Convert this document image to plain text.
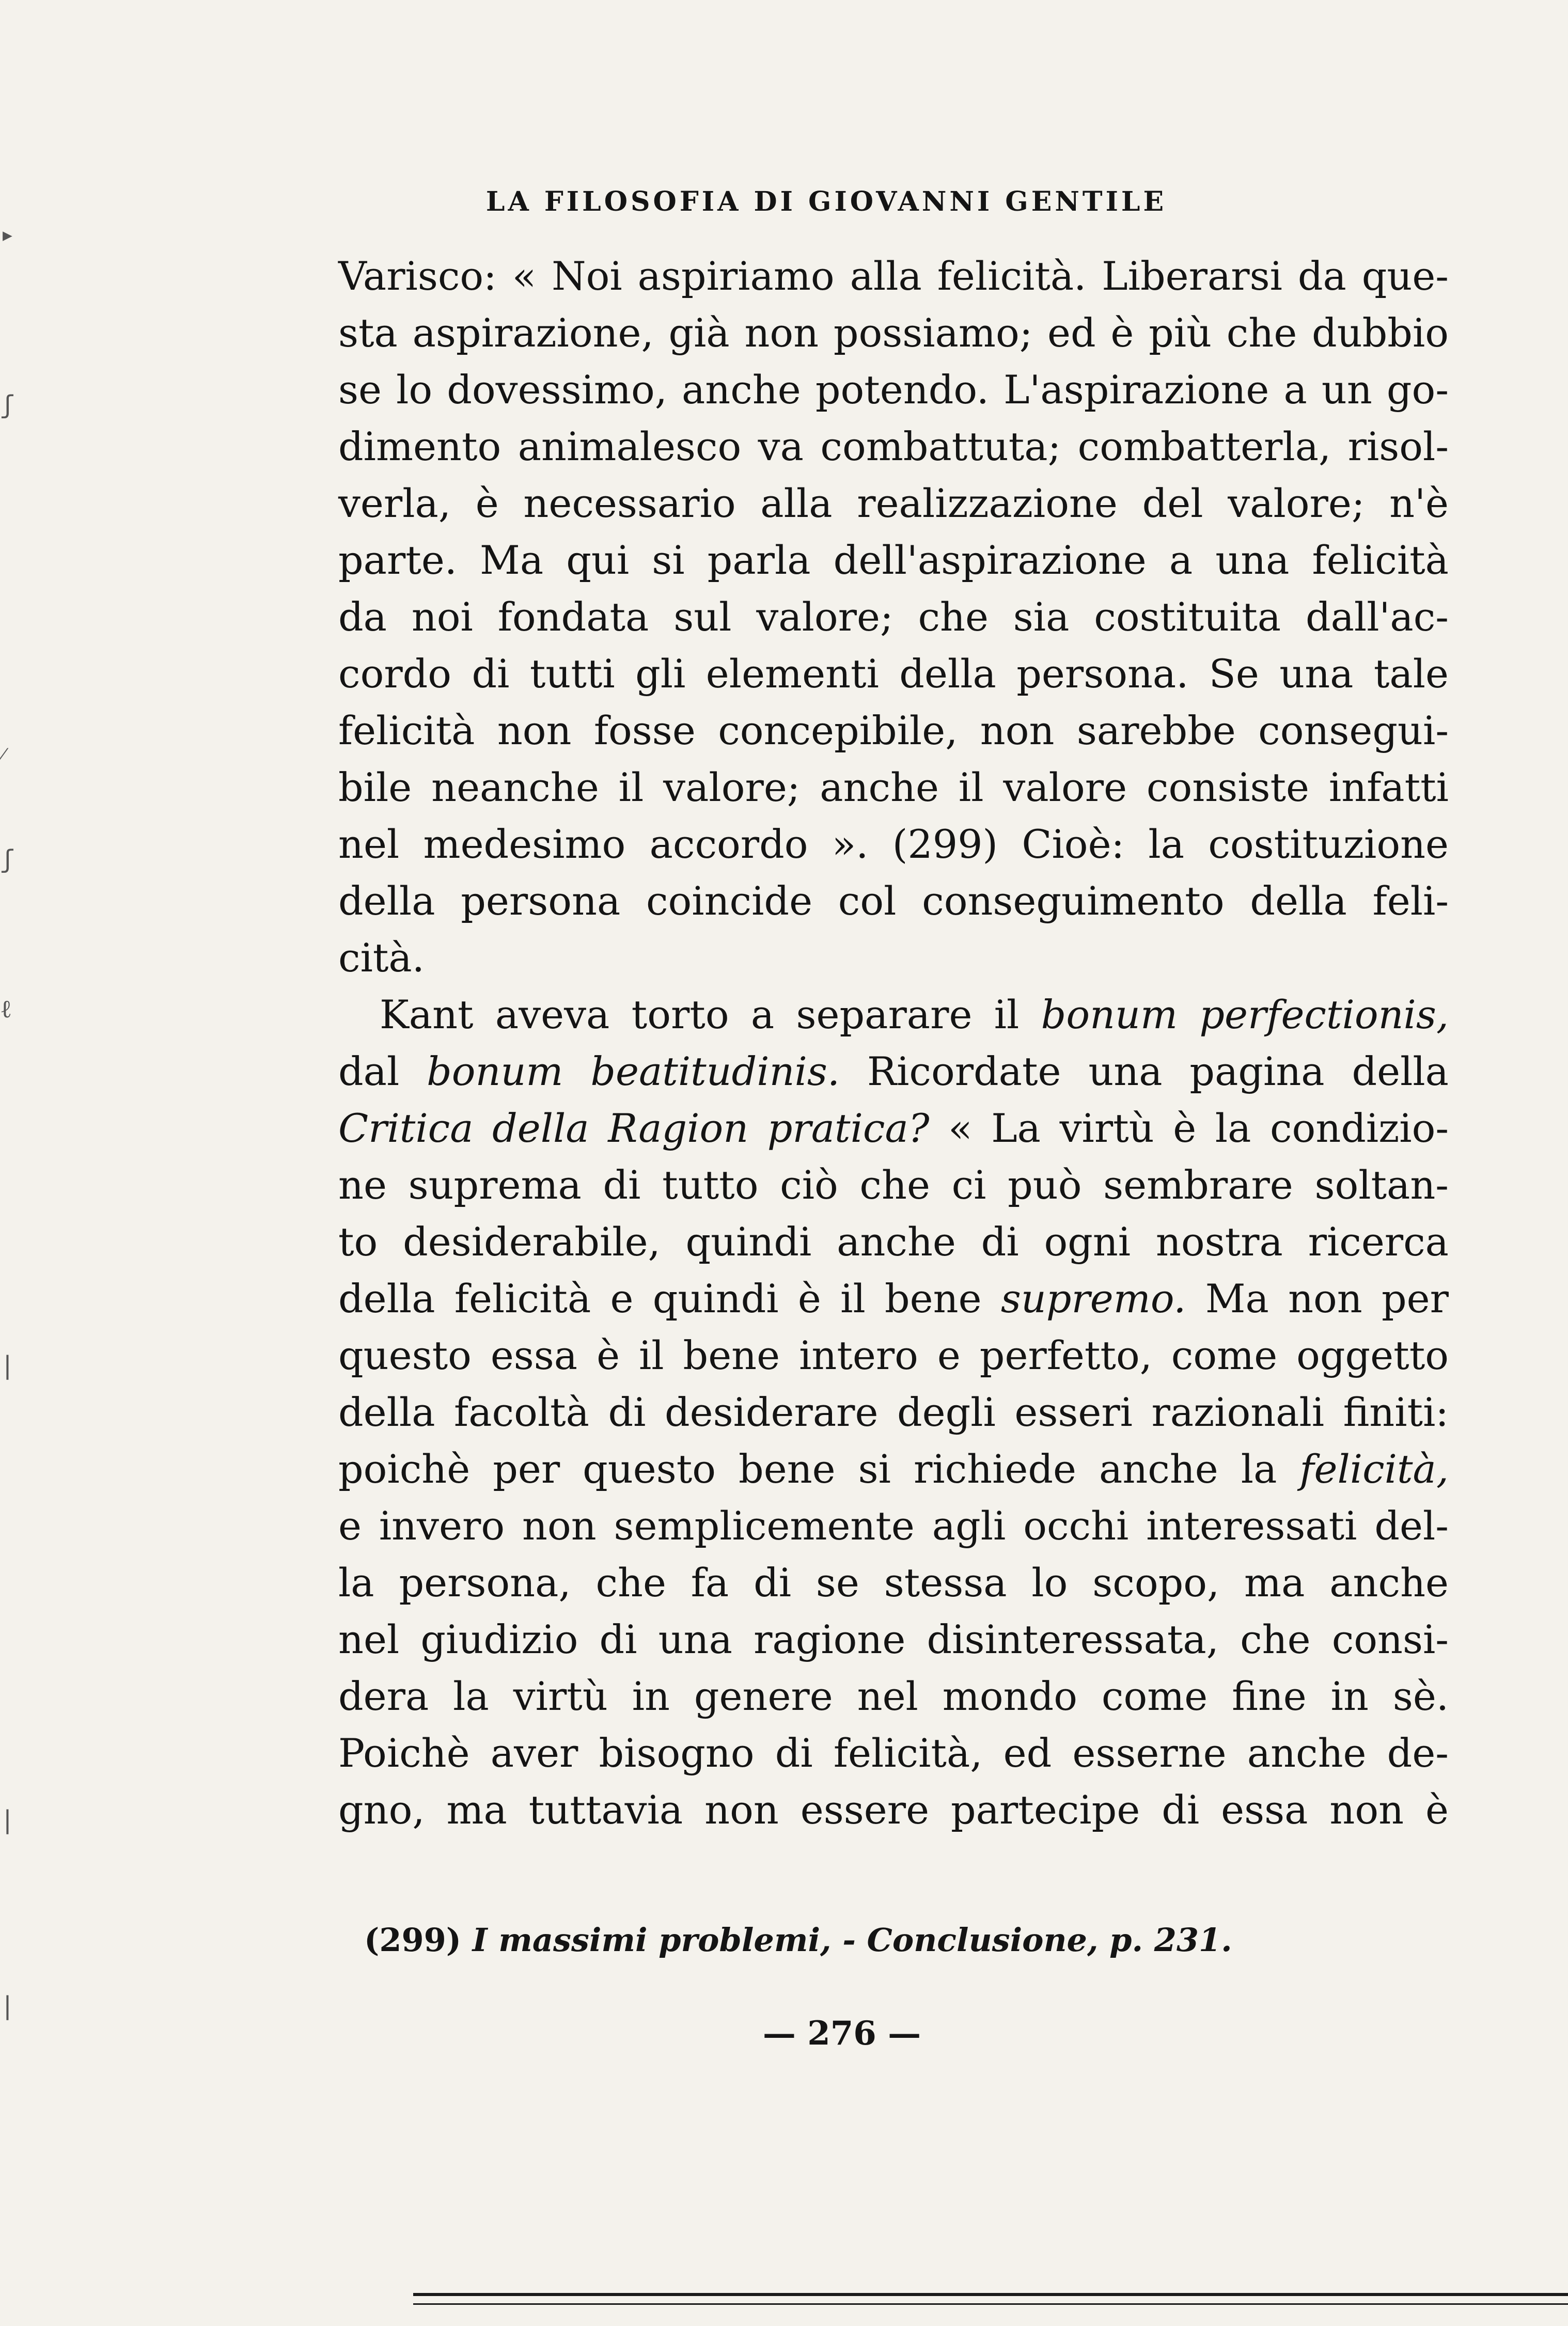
▸
ʃ
⁄
ʃ
ℓ
|
|
|
LA FILOSOFIA DI GIOVANNI GENTILE
Varisco: « Noi aspiriamo alla felicità. Liberarsi da que-
sta aspirazione, già non possiamo; ed è più che dubbio
se lo dovessimo, anche potendo. L'aspirazione a un go-
dimento animalesco va combattuta; combatterla, risol-
verla, è necessario alla realizzazione del valore; n'è
parte. Ma qui si parla dell'aspirazione a una felicità
da noi fondata sul valore; che sia costituita dall'ac-
cordo di tutti gli elementi della persona. Se una tale
felicità non fosse concepibile, non sarebbe consegui-
bile neanche il valore; anche il valore consiste infatti
nel medesimo accordo ». (299) Cioè: la costituzione
della persona coincide col conseguimento della feli-
cità.
Kant aveva torto a separare il bonum perfectionis,
dal bonum beatitudinis. Ricordate una pagina della
Critica della Ragion pratica? « La virtù è la condizio-
ne suprema di tutto ciò che ci può sembrare soltan-
to desiderabile, quindi anche di ogni nostra ricerca
della felicità e quindi è il bene supremo. Ma non per
questo essa è il bene intero e perfetto, come oggetto
della facoltà di desiderare degli esseri razionali finiti:
poichè per questo bene si richiede anche la felicità,
e invero non semplicemente agli occhi interessati del-
la persona, che fa di se stessa lo scopo, ma anche
nel giudizio di una ragione disinteressata, che consi-
dera la virtù in genere nel mondo come fine in sè.
Poichè aver bisogno di felicità, ed esserne anche de-
gno, ma tuttavia non essere partecipe di essa non è
(299) I massimi problemi, - Conclusione, p. 231.
— 276 —
